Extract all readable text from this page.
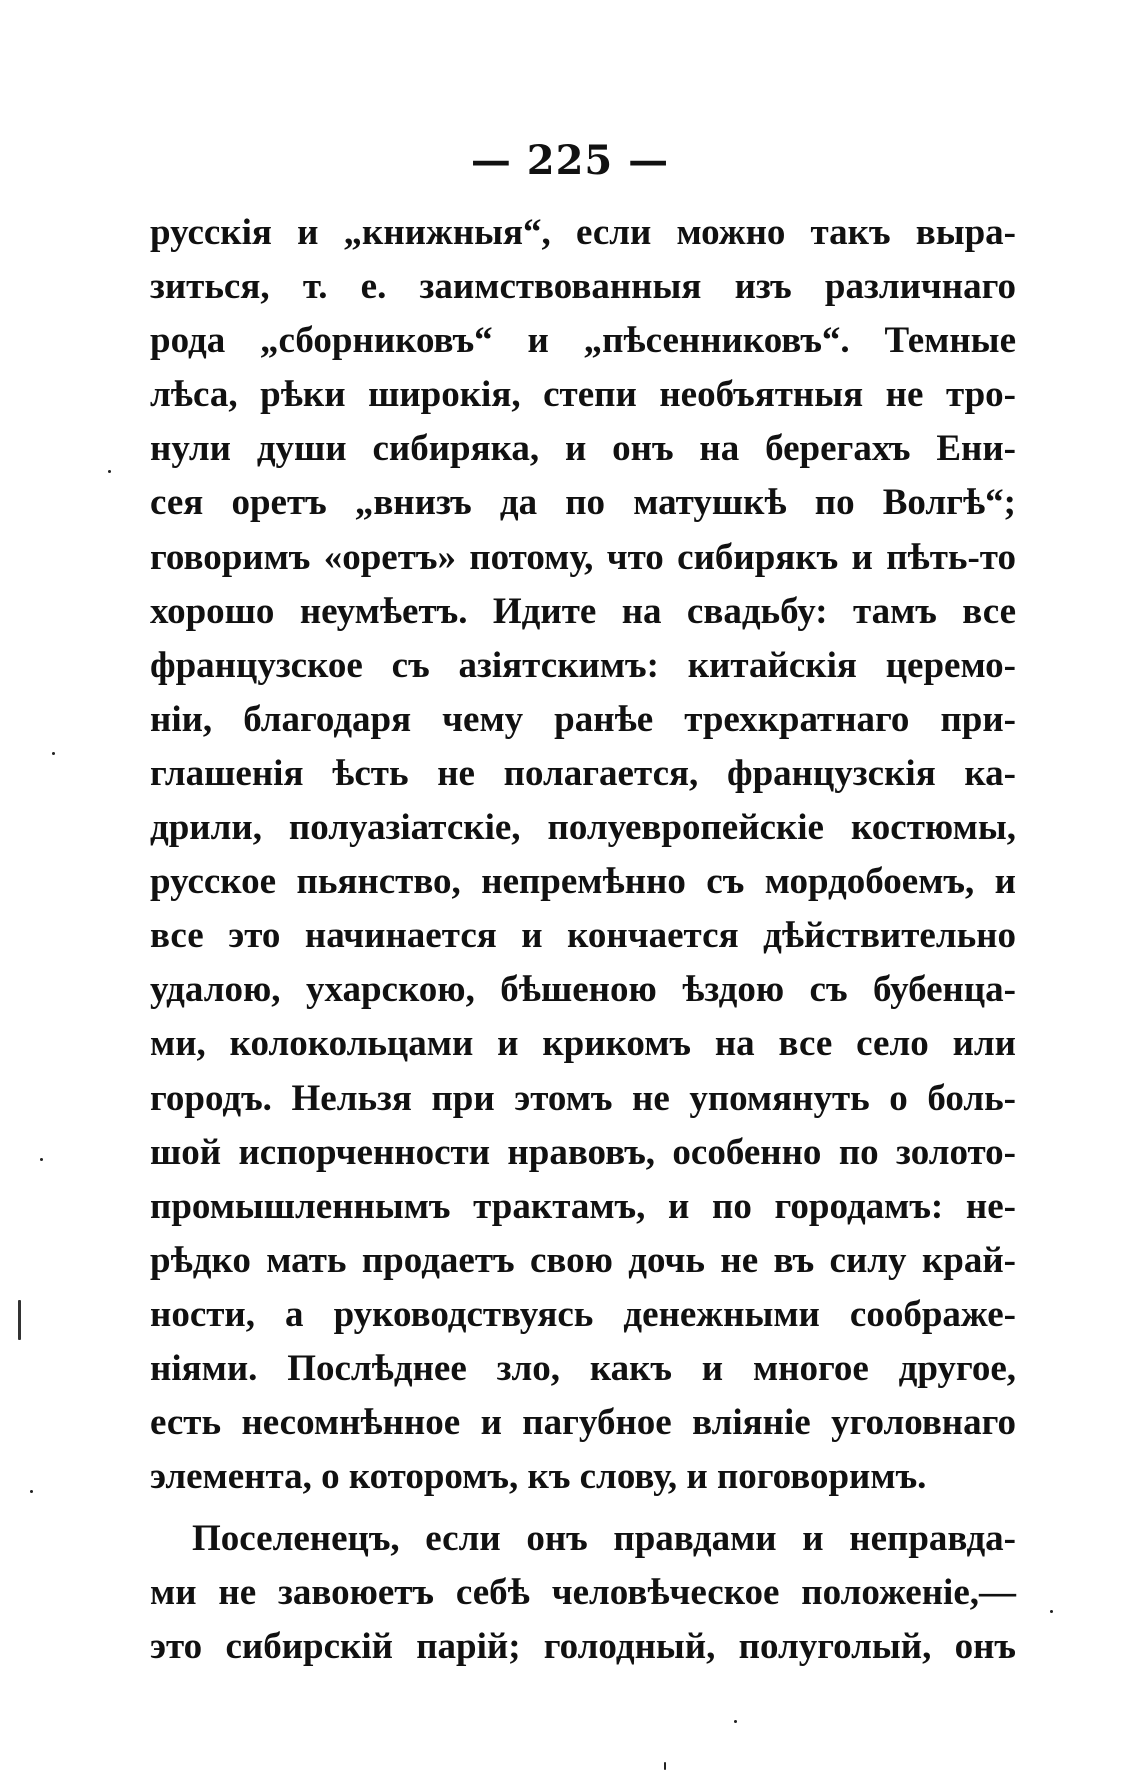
— 225 —
русскія и „книжныя“, если можно такъ выра-
зиться, т. е. заимствованныя изъ различнаго
рода „сборниковъ“ и „пѣсенниковъ“. Темные
лѣса, рѣки широкія, степи необъятныя не тро-
нули души сибиряка, и онъ на берегахъ Ени-
сея оретъ „внизъ да по матушкѣ по Волгѣ“;
говоримъ «оретъ» потому, что сибирякъ и пѣть-то
хорошо неумѣетъ. Идите на свадьбу: тамъ все
французское съ азіятскимъ: китайскія церемо-
ніи, благодаря чему ранѣе трехкратнаго при-
глашенія ѣсть не полагается, французскія ка-
дрили, полуазіатскіе, полуевропейскіе костюмы,
русское пьянство, непремѣнно съ мордобоемъ, и
все это начинается и кончается дѣйствительно
удалою, ухарскою, бѣшеною ѣздою съ бубенца-
ми, колокольцами и крикомъ на все село или
городъ. Нельзя при этомъ не упомянуть о боль-
шой испорченности нравовъ, особенно по золото-
промышленнымъ трактамъ, и по городамъ: не-
рѣдко мать продаетъ свою дочь не въ силу край-
ности, а руководствуясь денежными соображе-
ніями. Послѣднее зло, какъ и многое другое,
есть несомнѣнное и пагубное вліяніе уголовнаго
элемента, о которомъ, къ слову, и поговоримъ.
Поселенецъ, если онъ правдами и неправда-
ми не завоюетъ себѣ человѣческое положеніе,—
это сибирскій парій; голодный, полуголый, онъ
